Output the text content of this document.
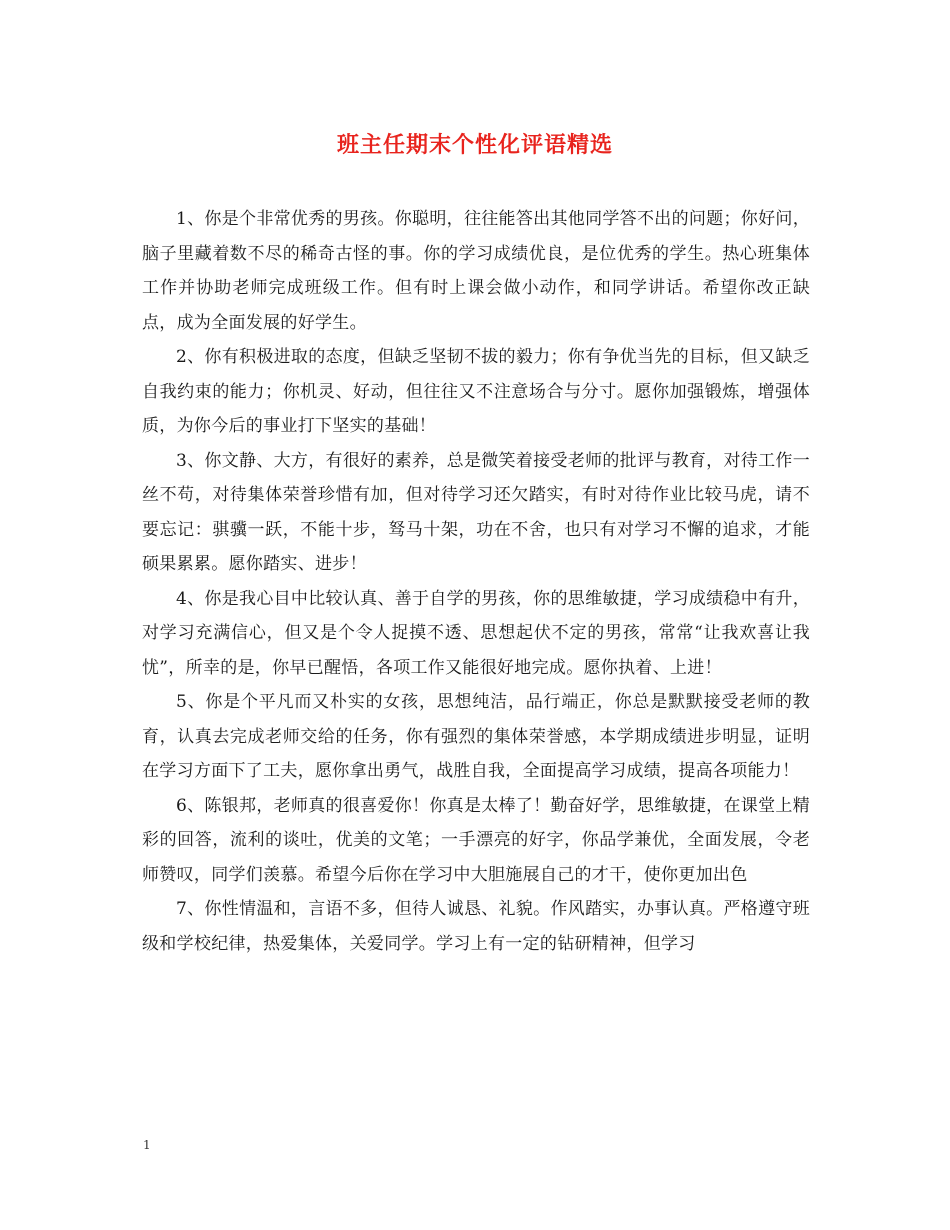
班主任期末个性化评语精选

1、你是个非常优秀的男孩。你聪明，往往能答出其他同学答不出的问题；你好问，脑子里藏着数不尽的稀奇古怪的事。你的学习成绩优良，是位优秀的学生。热心班集体工作并协助老师完成班级工作。但有时上课会做小动作，和同学讲话。希望你改正缺点，成为全面发展的好学生。

2、你有积极进取的态度，但缺乏坚韧不拔的毅力；你有争优当先的目标，但又缺乏自我约束的能力；你机灵、好动，但往往又不注意场合与分寸。愿你加强锻炼，增强体质，为你今后的事业打下坚实的基础！

3、你文静、大方，有很好的素养，总是微笑着接受老师的批评与教育，对待工作一丝不苟，对待集体荣誉珍惜有加，但对待学习还欠踏实，有时对待作业比较马虎，请不要忘记：骐骥一跃，不能十步，驽马十架，功在不舍，也只有对学习不懈的追求，才能硕果累累。愿你踏实、进步！

4、你是我心目中比较认真、善于自学的男孩，你的思维敏捷，学习成绩稳中有升，对学习充满信心，但又是个令人捉摸不透、思想起伏不定的男孩，常常“让我欢喜让我忧”，所幸的是，你早已醒悟，各项工作又能很好地完成。愿你执着、上进！

5、你是个平凡而又朴实的女孩，思想纯洁，品行端正，你总是默默接受老师的教育，认真去完成老师交给的任务，你有强烈的集体荣誉感，本学期成绩进步明显，证明在学习方面下了工夫，愿你拿出勇气，战胜自我，全面提高学习成绩，提高各项能力！

6、陈银邦，老师真的很喜爱你！你真是太棒了！勤奋好学，思维敏捷，在课堂上精彩的回答，流利的谈吐，优美的文笔；一手漂亮的好字，你品学兼优，全面发展，令老师赞叹，同学们羡慕。希望今后你在学习中大胆施展自己的才干，使你更加出色

7、你性情温和，言语不多，但待人诚恳、礼貌。作风踏实，办事认真。严格遵守班级和学校纪律，热爱集体，关爱同学。学习上有一定的钻研精神，但学习

1
